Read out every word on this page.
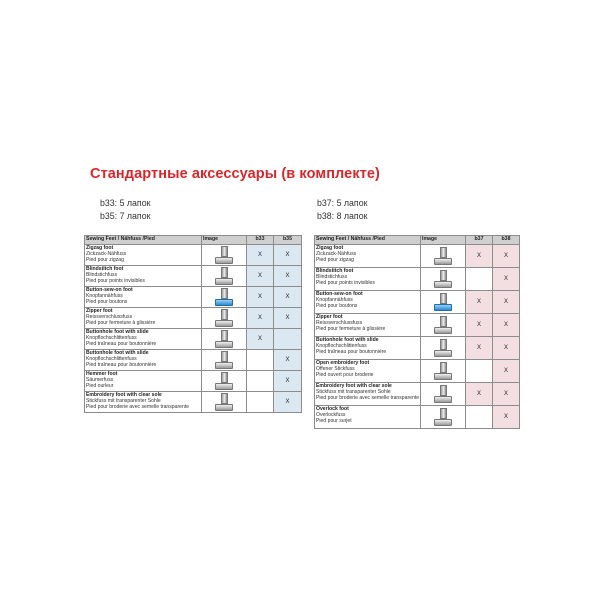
Стандартные аксессуары (в комплекте)
b33: 5 лапок
b35: 7 лапок
b37: 5 лапок
b38: 8 лапок
Sewing Feet / Nähfuss /Pied	Image	b33	b35

Zigzag foot
Zickzack-Nähfuss
Pied pour zigzag		X	X

Blindstitch foot
Blindstichfuss
Pied pour points invisibles		X	X

Button-sew-on foot
Knopfannähfuss
Pied pour boutons		X	X

Zipper foot
Reissverschlussfuss
Pied pour fermeture à glissière		X	X

Buttonhole foot with slide
Knopflochschlittenfuss
Pied traîneau pour boutonnière		X	

Buttonhole foot with slide
Knopflochschlittenfuss
Pied traîneau pour boutonnière			X

Hemmer foot
Säumerfuss
Pied ourleur			X

Embroidery foot with clear sole
Stickfuss mit transparenter Sohle
Pied pour broderie avec semelle transparente			X
Sewing Feet / Nähfuss /Pied	Image	b37	b38

Zigzag foot
Zickzack-Nähfuss
Pied pour zigzag		X	X

Blindstitch foot
Blindstichfuss
Pied pour points invisibles			X

Button-sew-on foot
Knopfannähfuss
Pied pour boutons		X	X

Zipper foot
Reissverschlussfuss
Pied pour fermeture à glissière		X	X

Buttonhole foot with slide
Knopflochschlittenfuss
Pied traîneau pour boutonnière		X	X

Open embroidery foot
Offener Stickfuss
Pied ouvert pour broderie			X

Embroidery foot with clear sole
Stickfuss mit transparenter Sohle
Pied pour broderie avec semelle transparente		X	X

Overlock foot
Overlockfuss
Pied pour surjet			X
